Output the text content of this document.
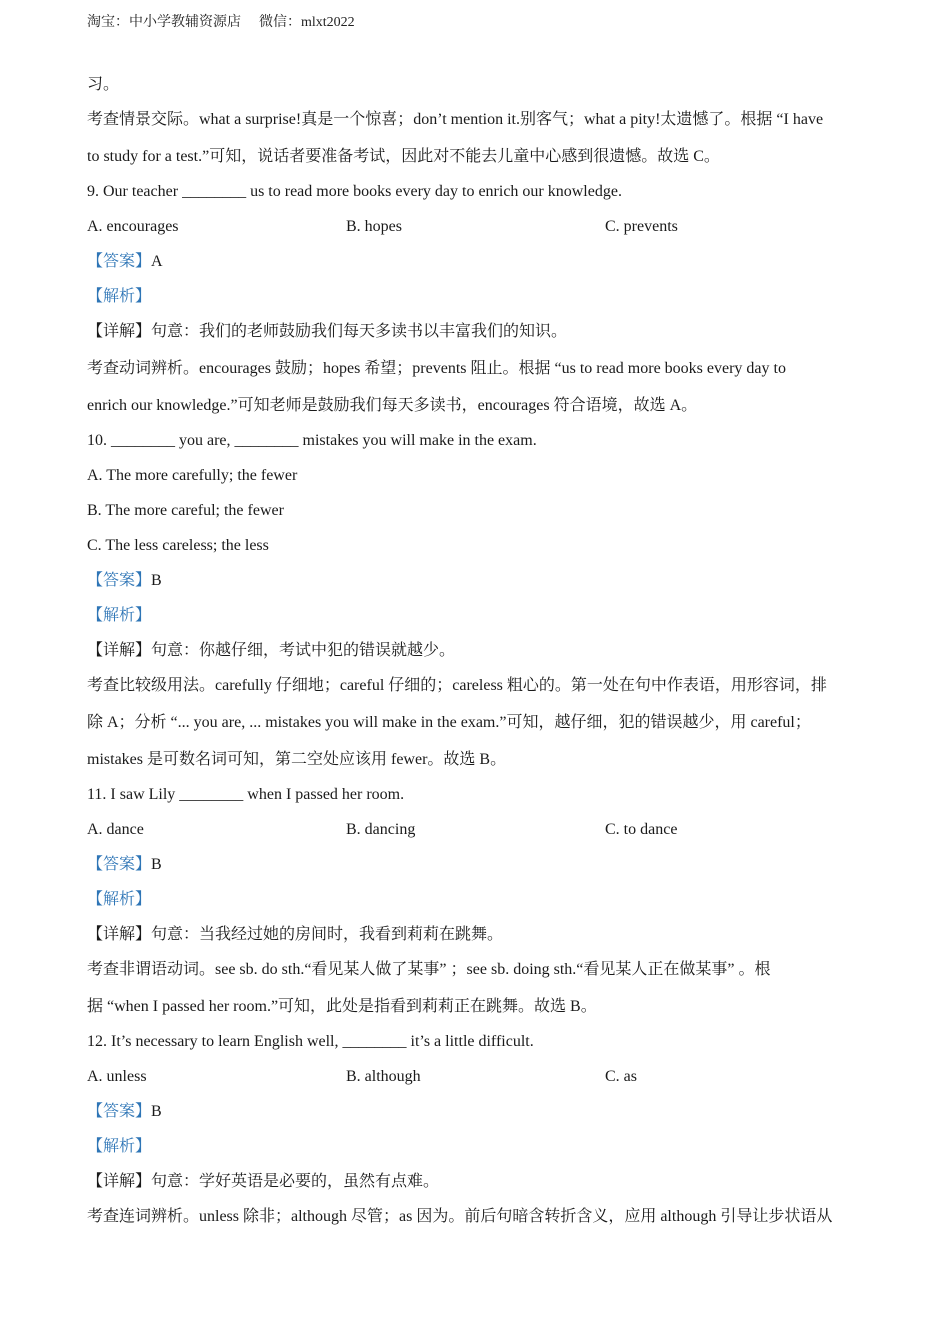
淘宝：中小学教辅资源店 微信：mlxt2022
习。
考查情景交际。what a surprise!真是一个惊喜；don’t mention it.别客气；what a pity!太遗憾了。根据 “I have
to study for a test.”可知，说话者要准备考试，因此对不能去儿童中心感到很遗憾。故选 C。
9. Our teacher ________ us to read more books every day to enrich our knowledge.
A. encourages	B. hopes	C. prevents
【答案】A
【解析】
【详解】句意：我们的老师鼓励我们每天多读书以丰富我们的知识。
考查动词辨析。encourages 鼓励；hopes 希望；prevents 阻止。根据 “us to read more books every day to
enrich our knowledge.”可知老师是鼓励我们每天多读书，encourages 符合语境，故选 A。
10. ________ you are, ________ mistakes you will make in the exam.
A. The more carefully; the fewer
B. The more careful; the fewer
C. The less careless; the less
【答案】B
【解析】
【详解】句意：你越仔细，考试中犯的错误就越少。
考查比较级用法。carefully 仔细地；careful 仔细的；careless 粗心的。第一处在句中作表语，用形容词，排
除 A；分析 “... you are, ... mistakes you will make in the exam.”可知，越仔细，犯的错误越少，用 careful；
mistakes 是可数名词可知，第二空处应该用 fewer。故选 B。
11. I saw Lily ________ when I passed her room.
A. dance	B. dancing	C. to dance
【答案】B
【解析】
【详解】句意：当我经过她的房间时，我看到莉莉在跳舞。
考查非谓语动词。see sb. do sth.“看见某人做了某事” ；see sb. doing sth.“看见某人正在做某事” 。根
据 “when I passed her room.”可知，此处是指看到莉莉正在跳舞。故选 B。
12. It’s necessary to learn English well, ________ it’s a little difficult.
A. unless	B. although	C. as
【答案】B
【解析】
【详解】句意：学好英语是必要的，虽然有点难。
考查连词辨析。unless 除非；although 尽管；as 因为。前后句暗含转折含义，应用 although 引导让步状语从
